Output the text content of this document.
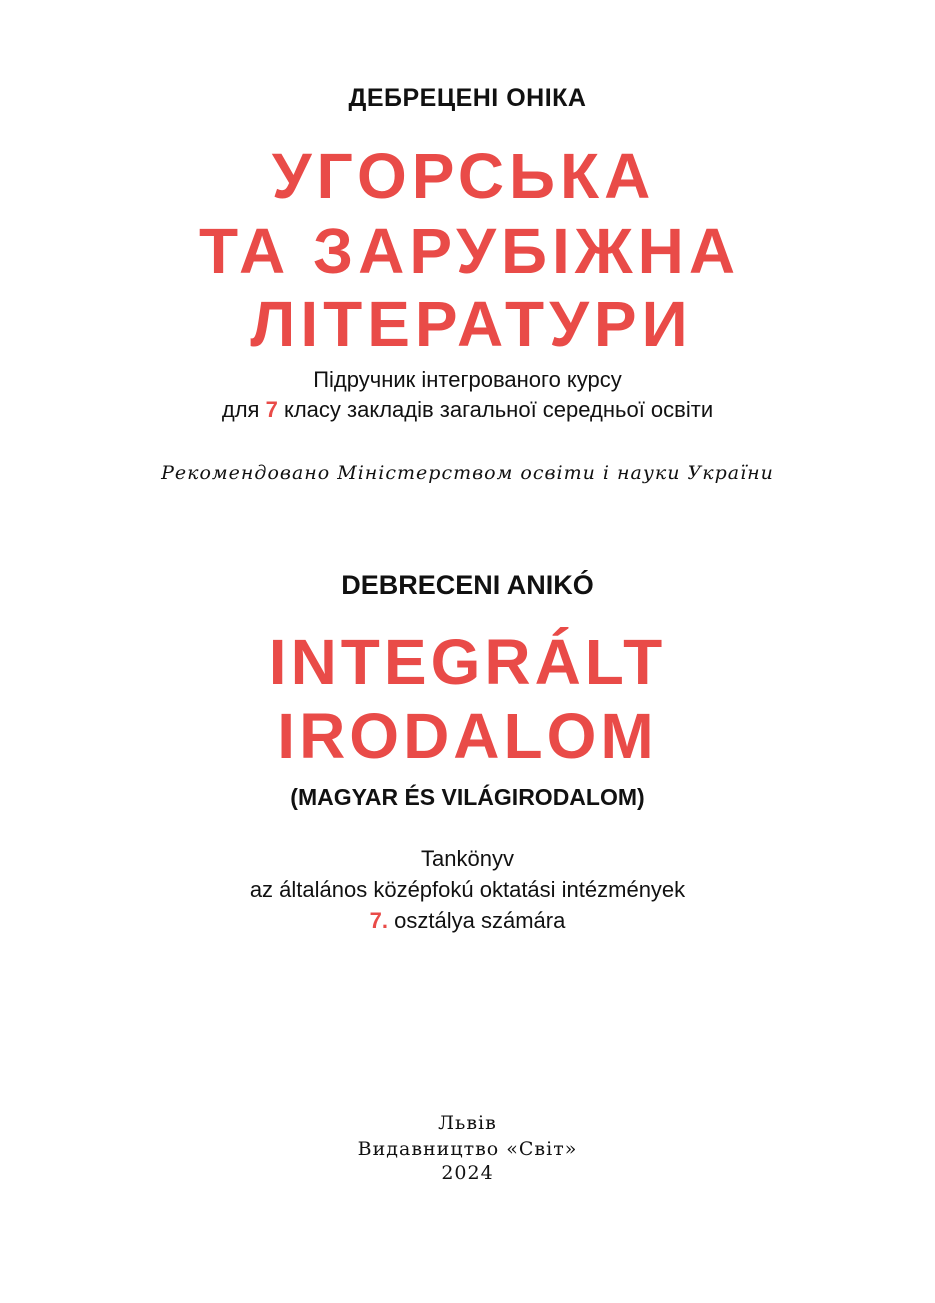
ДЕБРЕЦЕНІ ОНІКА
УГОРСЬКА
ТА ЗАРУБІЖНА
ЛІТЕРАТУРИ
Підручник інтегрованого курсу
для 7 класу закладів загальної середньої освіти
Рекомендовано Міністерством освіти і науки України
DEBRECENI ANIKÓ
INTEGRÁLT
IRODALOM
(MAGYAR ÉS VILÁGIRODALOM)
Tankönyv
az általános középfokú oktatási intézmények
7. osztálya számára
Львів
Видавництво «Світ»
2024
